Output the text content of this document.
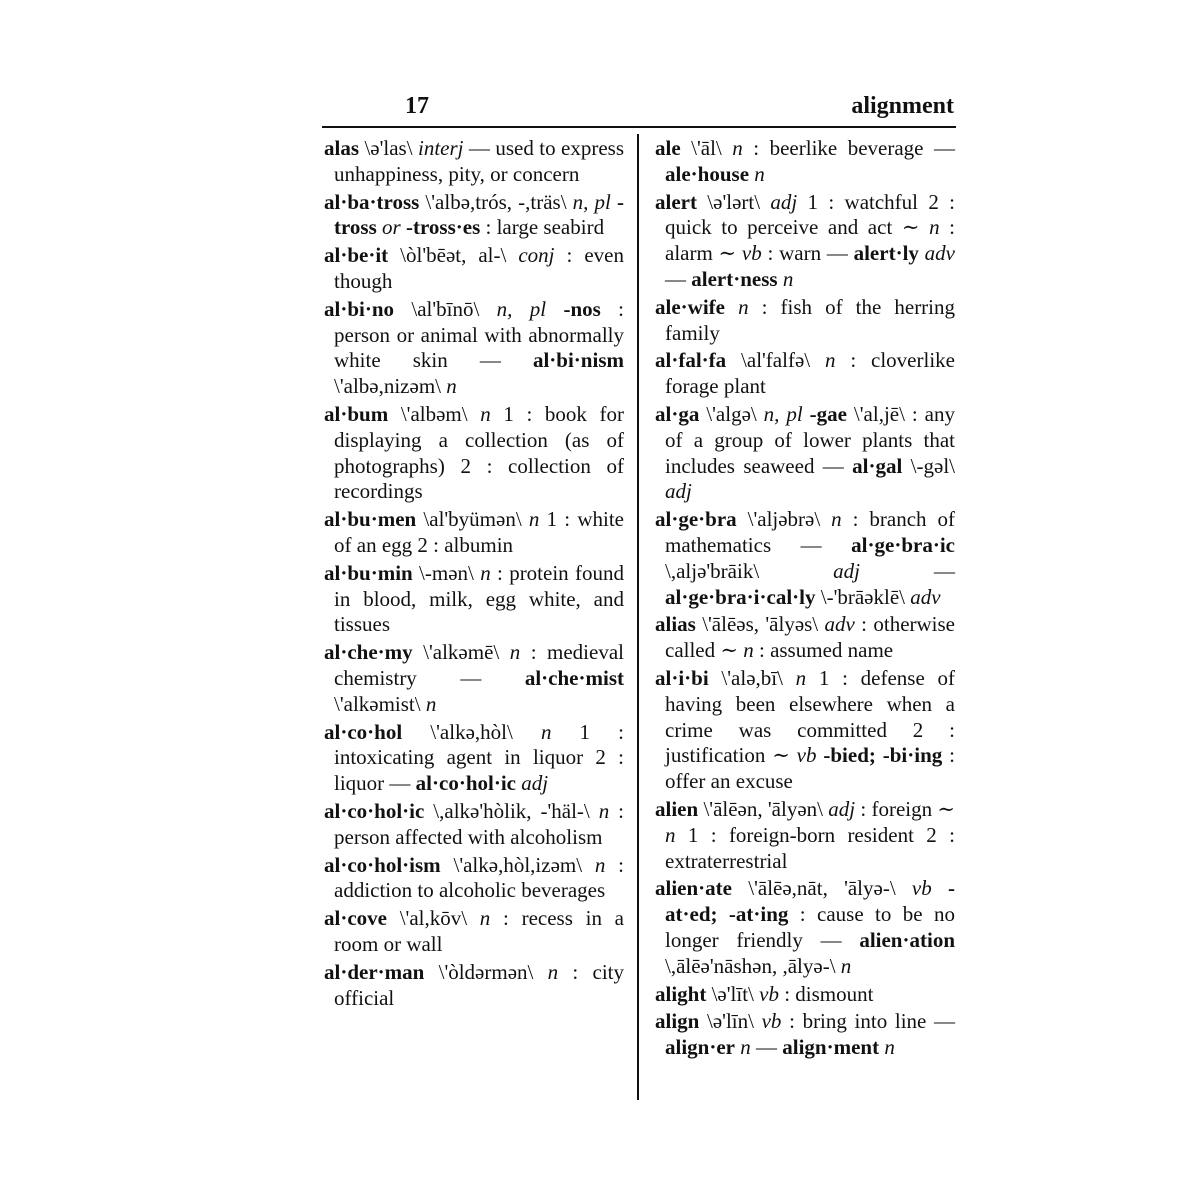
17	alignment
alas \ə'las\ interj — used to express unhappiness, pity, or concern
al·ba·tross \'albə,trós, -,träs\ n, pl -tross or -tross·es : large seabird
al·be·it \òl'bēət, al-\ conj : even though
al·bi·no \al'bīnō\ n, pl -nos : person or animal with abnormally white skin — al·bi·nism \'albə,nizəm\ n
al·bum \'albəm\ n 1 : book for displaying a collection (as of photographs) 2 : collection of recordings
al·bu·men \al'byümən\ n 1 : white of an egg 2 : albumin
al·bu·min \-mən\ n : protein found in blood, milk, egg white, and tissues
al·che·my \'alkəmē\ n : medieval chemistry — al·che·mist \'alkəmist\ n
al·co·hol \'alkə,hòl\ n 1 : intoxicating agent in liquor 2 : liquor — al·co·hol·ic adj
al·co·hol·ic \,alkə'hòlik, -'häl-\ n : person affected with alcoholism
al·co·hol·ism \'alkə,hòl,izəm\ n : addiction to alcoholic beverages
al·cove \'al,kōv\ n : recess in a room or wall
al·der·man \'òldərmən\ n : city official
ale \'āl\ n : beerlike beverage — ale·house n
alert \ə'lərt\ adj 1 : watchful 2 : quick to perceive and act ∼ n : alarm ∼ vb : warn — alert·ly adv — alert·ness n
ale·wife n : fish of the herring family
al·fal·fa \al'falfə\ n : cloverlike forage plant
al·ga \'algə\ n, pl -gae \'al,jē\ : any of a group of lower plants that includes seaweed — al·gal \-gəl\ adj
al·ge·bra \'aljəbrə\ n : branch of mathematics — al·ge·bra·ic \,aljə'brāik\ adj — al·ge·bra·i·cal·ly \-'brāəklē\ adv
alias \'ālēəs, 'ālyəs\ adv : otherwise called ∼ n : assumed name
al·i·bi \'alə,bī\ n 1 : defense of having been elsewhere when a crime was committed 2 : justification ∼ vb -bied; -bi·ing : offer an excuse
alien \'ālēən, 'ālyən\ adj : foreign ∼ n 1 : foreign-born resident 2 : extraterrestrial
alien·ate \'ālēə,nāt, 'ālyə-\ vb -at·ed; -at·ing : cause to be no longer friendly — alien·ation \,ālēə'nāshən, ,ālyə-\ n
alight \ə'līt\ vb : dismount
align \ə'līn\ vb : bring into line — align·er n — align·ment n
